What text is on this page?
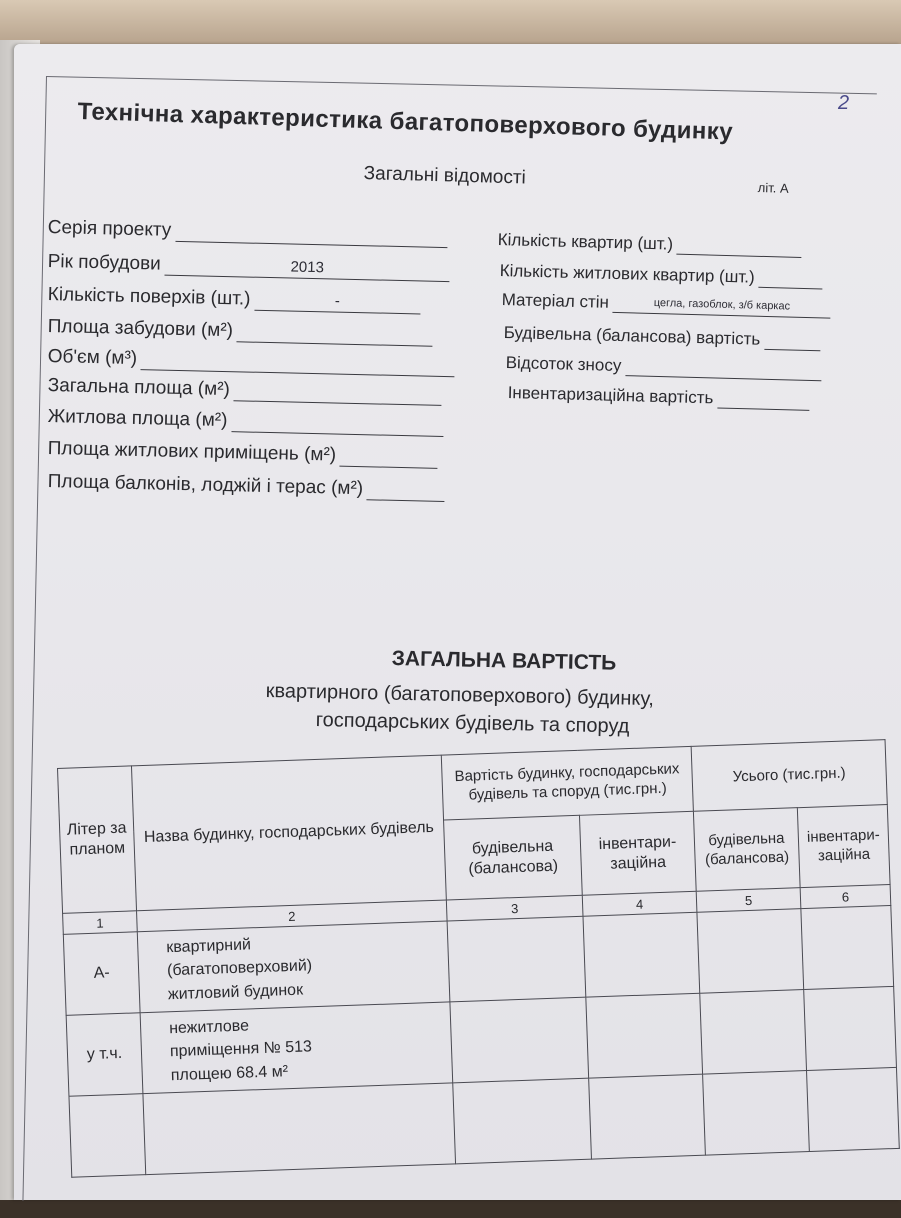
Технічна характеристика багатоповерхового будинку	2
Загальні відомості	літ. А
Серія проекту
Рік побудови	2013
Кількість поверхів (шт.)	-
Площа забудови (м²)
Об'єм (м³)
Загальна площа (м²)
Житлова площа (м²)
Площа житлових приміщень (м²)
Площа балконів, лоджій і терас (м²)
Кількість квартир (шт.)
Кількість житлових квартир (шт.)
Матеріал стін	цегла, газоблок, з/б каркас
Будівельна (балансова) вартість
Відсоток зносу
Інвентаризаційна вартість
ЗАГАЛЬНА ВАРТІСТЬ
квартирного (багатоповерхового) будинку,
господарських будівель та споруд
Літер за планом	Назва будинку, господарських будівель	Вартість будинку, господарських будівель та споруд (тис.грн.)		Усього (тис.грн.)	
		будівельна (балансова)	інвентари-заційна	будівельна (балансова)	інвентари-заційна
1	2	3	4	5	6
А-	квартирний
(багатоповерховий)
житловий будинок				

у т.ч.	нежитлове
приміщення № 513
площею 68.4 м²				
